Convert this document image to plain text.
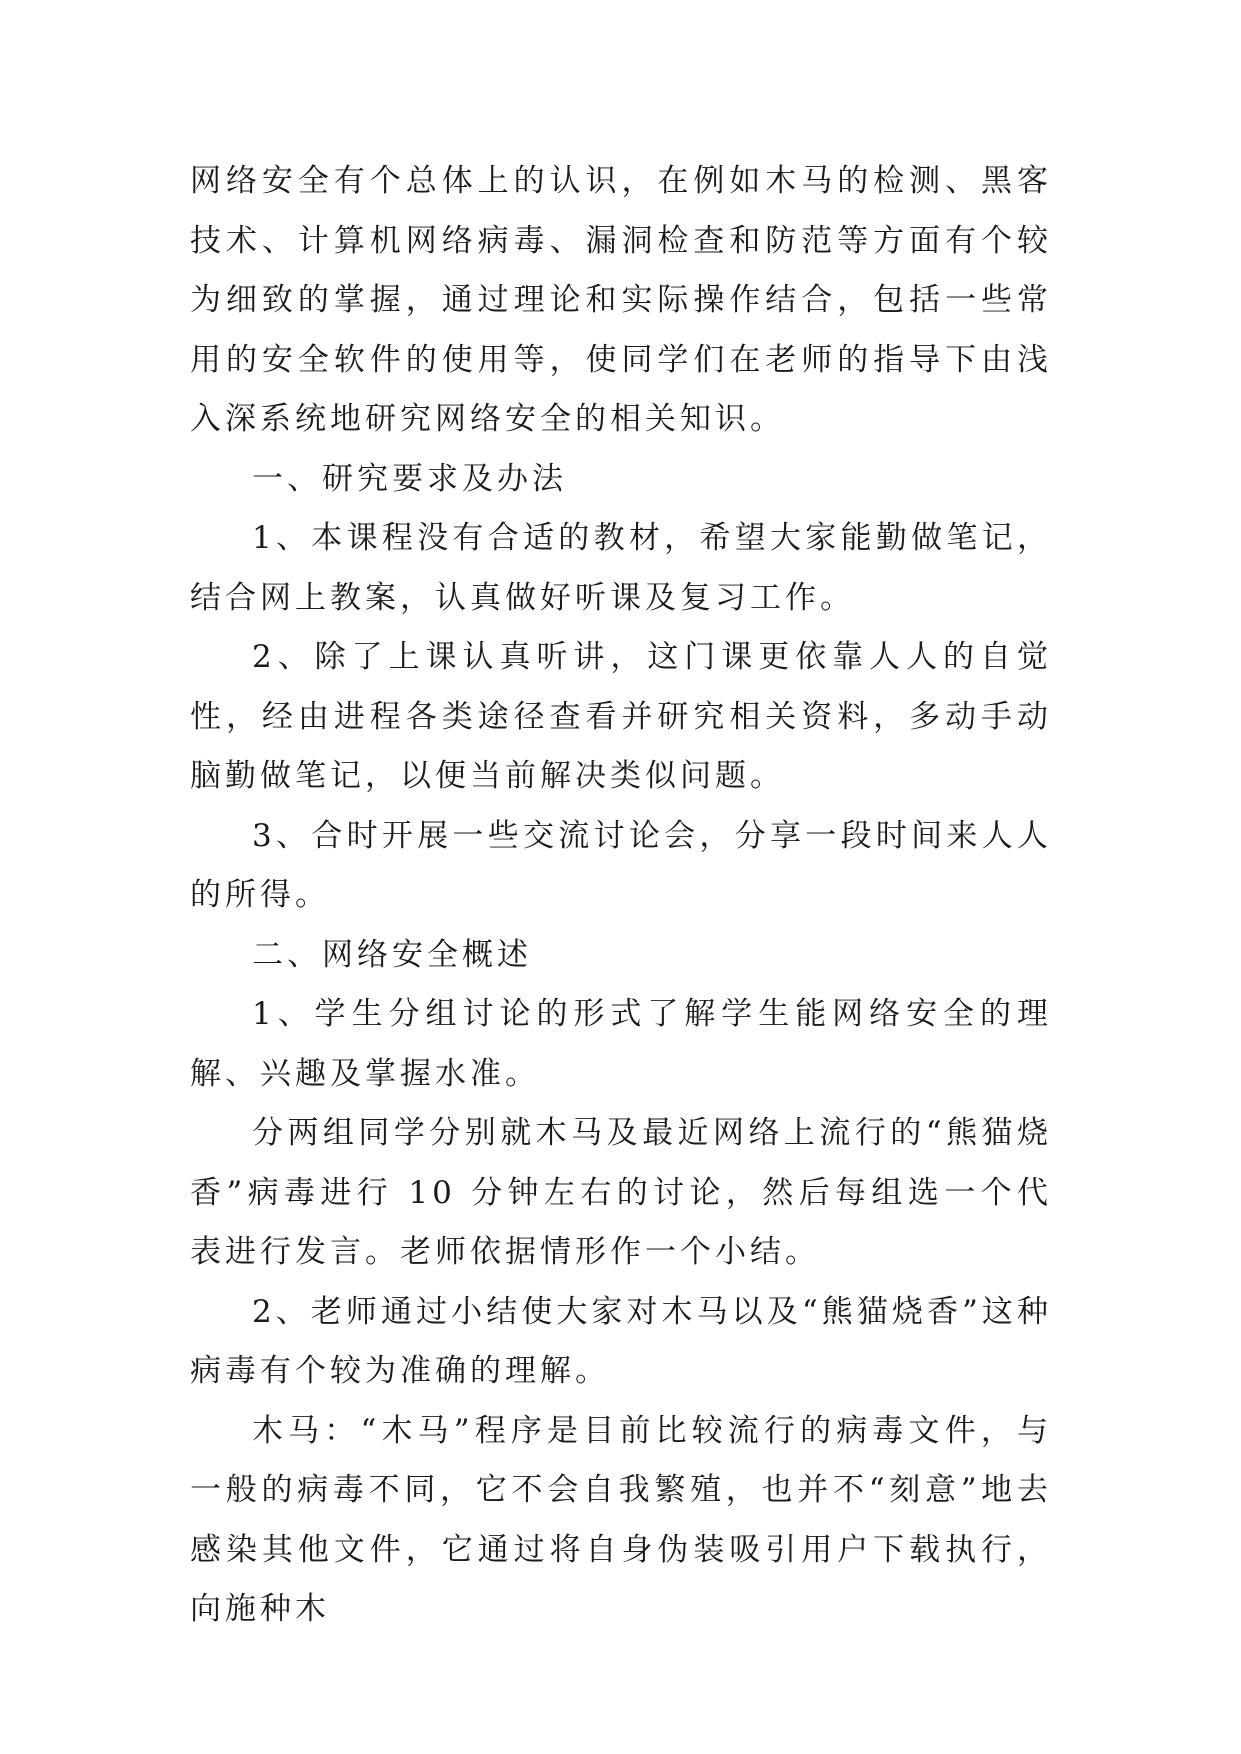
网络安全有个总体上的认识，在例如木马的检测、黑客技术、计算机网络病毒、漏洞检查和防范等方面有个较为细致的掌握，通过理论和实际操作结合，包括一些常用的安全软件的使用等，使同学们在老师的指导下由浅入深系统地研究网络安全的相关知识。

一、研究要求及办法

1、本课程没有合适的教材，希望大家能勤做笔记，结合网上教案，认真做好听课及复习工作。

2、除了上课认真听讲，这门课更依靠人人的自觉性，经由进程各类途径查看并研究相关资料，多动手动脑勤做笔记，以便当前解决类似问题。

3、合时开展一些交流讨论会，分享一段时间来人人的所得。

二、网络安全概述

1、学生分组讨论的形式了解学生能网络安全的理解、兴趣及掌握水准。

分两组同学分别就木马及最近网络上流行的“熊猫烧香”病毒进行 10 分钟左右的讨论，然后每组选一个代表进行发言。老师依据情形作一个小结。

2、老师通过小结使大家对木马以及“熊猫烧香”这种病毒有个较为准确的理解。

木马：“木马”程序是目前比较流行的病毒文件，与一般的病毒不同，它不会自我繁殖，也并不“刻意”地去感染其他文件，它通过将自身伪装吸引用户下载执行，向施种木
